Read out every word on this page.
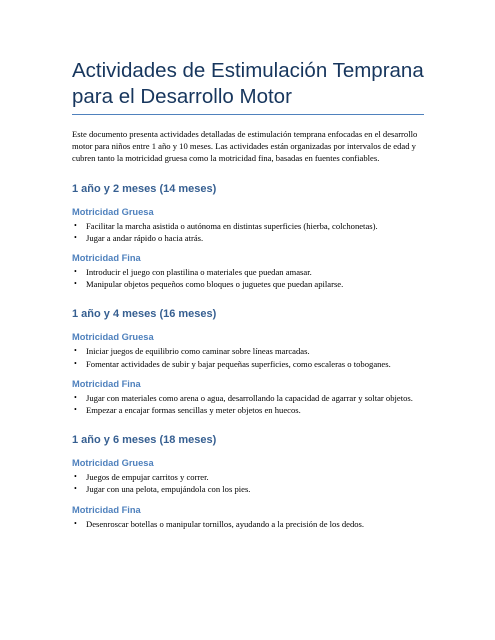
Actividades de Estimulación Temprana
para el Desarrollo Motor

Este documento presenta actividades detalladas de estimulación temprana enfocadas en el desarrollo motor para niños entre 1 año y 10 meses. Las actividades están organizadas por intervalos de edad y cubren tanto la motricidad gruesa como la motricidad fina, basadas en fuentes confiables.

1 año y 2 meses (14 meses)
Motricidad Gruesa
• Facilitar la marcha asistida o autónoma en distintas superficies (hierba, colchonetas).
• Jugar a andar rápido o hacia atrás.
Motricidad Fina
• Introducir el juego con plastilina o materiales que puedan amasar.
• Manipular objetos pequeños como bloques o juguetes que puedan apilarse.
1 año y 4 meses (16 meses)
Motricidad Gruesa
• Iniciar juegos de equilibrio como caminar sobre líneas marcadas.
• Fomentar actividades de subir y bajar pequeñas superficies, como escaleras o toboganes.
Motricidad Fina
• Jugar con materiales como arena o agua, desarrollando la capacidad de agarrar y soltar objetos.
• Empezar a encajar formas sencillas y meter objetos en huecos.
1 año y 6 meses (18 meses)
Motricidad Gruesa
• Juegos de empujar carritos y correr.
• Jugar con una pelota, empujándola con los pies.
Motricidad Fina
• Desenroscar botellas o manipular tornillos, ayudando a la precisión de los dedos.
